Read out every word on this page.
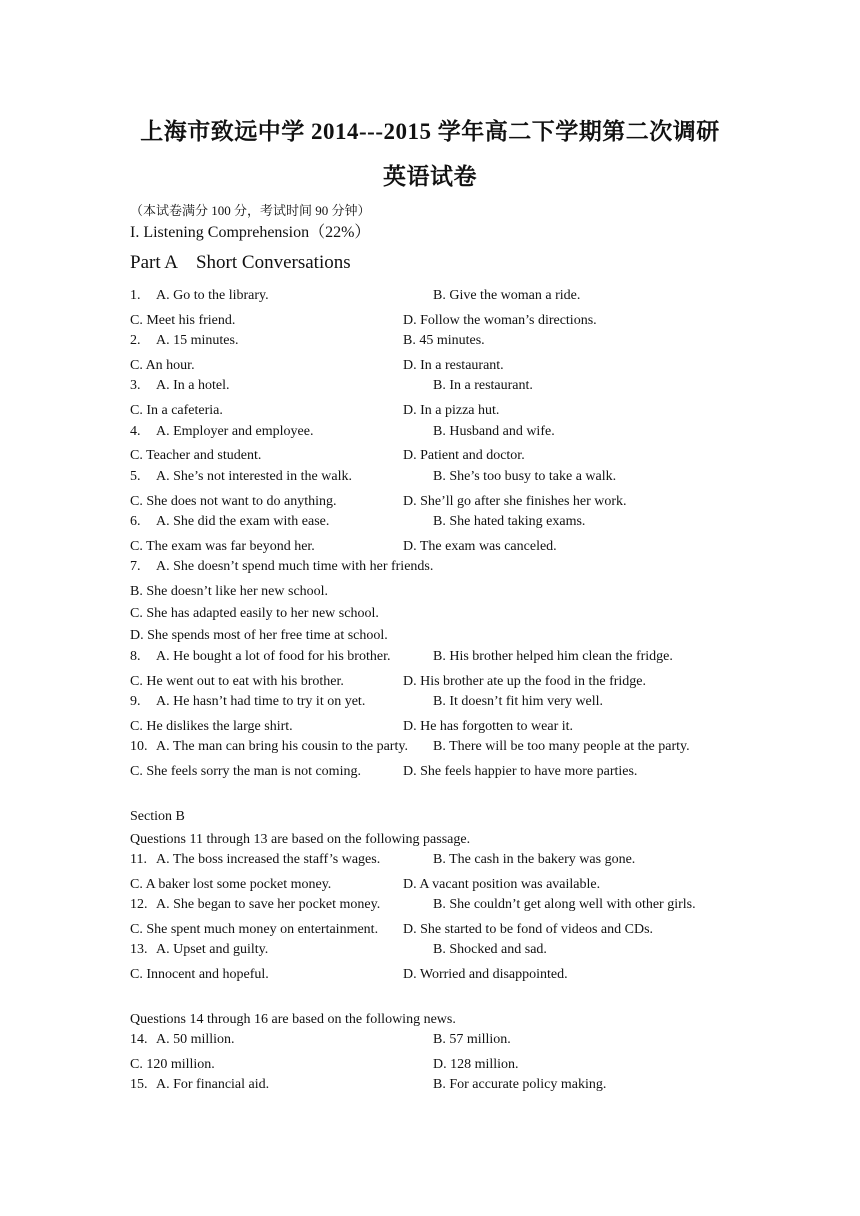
上海市致远中学 2014---2015 学年高二下学期第二次调研
英语试卷
（本试卷满分 100 分，考试时间 90 分钟）
I. Listening Comprehension（22%）
Part A    Short Conversations
1. A. Go to the library.	B. Give the woman a ride.
C. Meet his friend.	D. Follow the woman’s directions.
2. A. 15 minutes.	B. 45 minutes.
C. An hour.	D. In a restaurant.
3. A. In a hotel.	B. In a restaurant.
C. In a cafeteria.	D. In a pizza hut.
4. A. Employer and employee.	B. Husband and wife.
C. Teacher and student.	D. Patient and doctor.
5. A. She’s not interested in the walk.	B. She’s too busy to take a walk.
C. She does not want to do anything.	D. She’ll go after she finishes her work.
6. A. She did the exam with ease.	B. She hated taking exams.
C. The exam was far beyond her.	D. The exam was canceled.
7. A. She doesn’t spend much time with her friends.
B. She doesn’t like her new school.
C. She has adapted easily to her new school.
D. She spends most of her free time at school.
8. A. He bought a lot of food for his brother.	B. His brother helped him clean the fridge.
C. He went out to eat with his brother.	D. His brother ate up the food in the fridge.
9. A. He hasn’t had time to try it on yet.	B. It doesn’t fit him very well.
C. He dislikes the large shirt.	D. He has forgotten to wear it.
10. A. The man can bring his cousin to the party. B. There will be too many people at the party.
C. She feels sorry the man is not coming.	D. She feels happier to have more parties.
Section B
Questions 11 through 13 are based on the following passage.
11. A. The boss increased the staff’s wages.	B. The cash in the bakery was gone.
C. A baker lost some pocket money.	D. A vacant position was available.
12. A. She began to save her pocket money.	B. She couldn’t get along well with other girls.
C. She spent much money on entertainment. D. She started to be fond of videos and CDs.
13. A. Upset and guilty.	B. Shocked and sad.
C. Innocent and hopeful.	D. Worried and disappointed.
Questions 14 through 16 are based on the following news.
14. A. 50 million.	B. 57 million.
C. 120 million.	D. 128 million.
15. A. For financial aid.	B. For accurate policy making.
